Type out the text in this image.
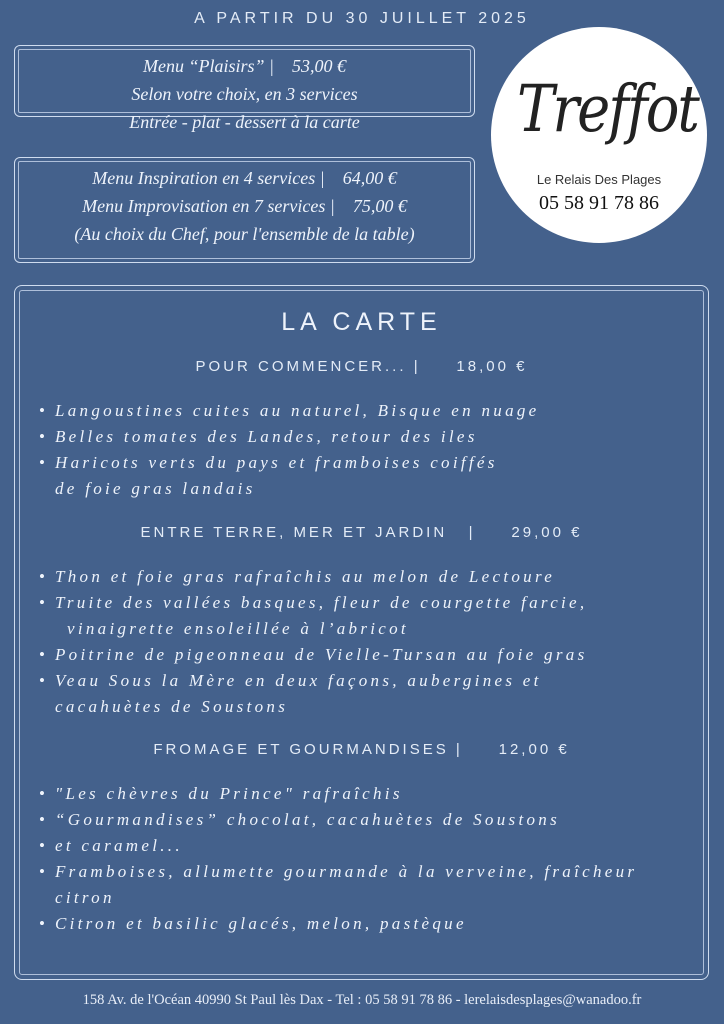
A PARTIR DU 30 JUILLET 2025
Menu “Plaisirs” |    53,00 €
Selon votre choix, en 3 services
Entrée - plat - dessert à la carte
Menu Inspiration en 4 services |    64,00 €
Menu Improvisation en 7 services |    75,00 €
(Au choix du Chef, pour l'ensemble de la table)
Treffot
Le Relais Des Plages
05 58 91 78 86
LA CARTE
POUR COMMENCER... |     18,00 €
• Langoustines cuites au naturel, Bisque en nuage
• Belles tomates des Landes, retour des iles
• Haricots verts du pays et framboises coiffés
de foie gras landais
ENTRE TERRE, MER ET JARDIN   |     29,00 €
• Thon et foie gras rafraîchis au melon de Lectoure
• Truite des vallées basques, fleur de courgette farcie,
vinaigrette ensoleillée à l’abricot
• Poitrine de pigeonneau de Vielle-Tursan au foie gras
• Veau Sous la Mère en deux façons, aubergines et
cacahuètes de Soustons
FROMAGE ET GOURMANDISES |     12,00 €
• "Les chèvres du Prince" rafraîchis
• “Gourmandises” chocolat, cacahuètes de Soustons
• et caramel...
• Framboises, allumette gourmande à la verveine, fraîcheur
citron
• Citron et basilic glacés, melon, pastèque
158 Av. de l'Océan 40990 St Paul lès Dax - Tel : 05 58 91 78 86 - lerelaisdesplages@wanadoo.fr
